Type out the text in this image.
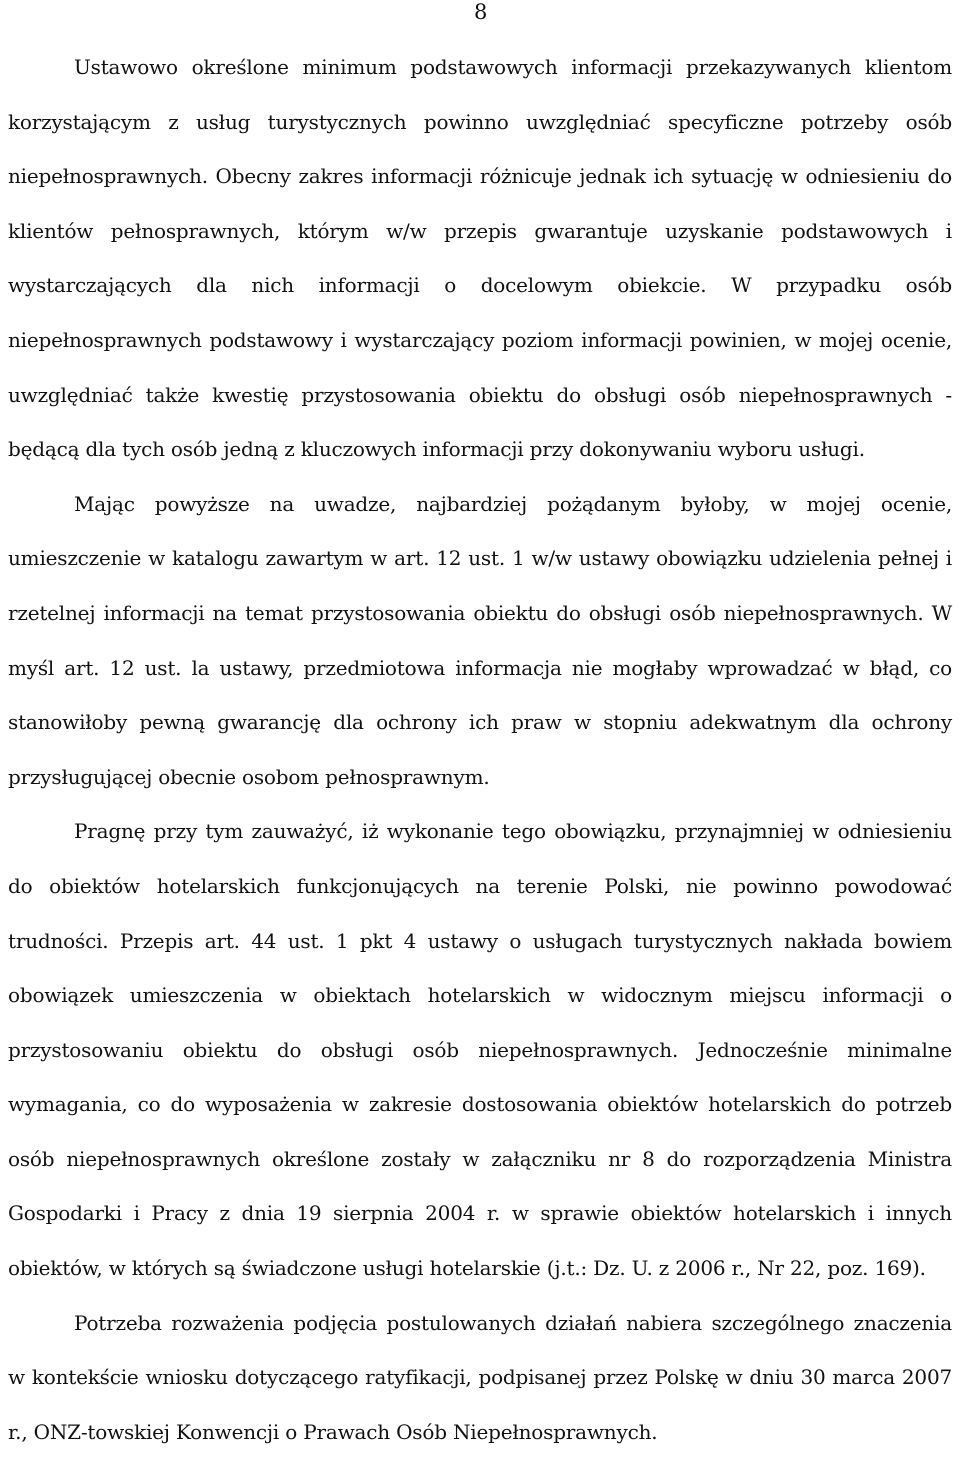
8

Ustawowo określone minimum podstawowych informacji przekazywanych klientom korzystającym z usług turystycznych powinno uwzględniać specyficzne potrzeby osób niepełnosprawnych. Obecny zakres informacji różnicuje jednak ich sytuację w odniesieniu do klientów pełnosprawnych, którym w/w przepis gwarantuje uzyskanie podstawowych i wystarczających dla nich informacji o docelowym obiekcie. W przypadku osób niepełnosprawnych podstawowy i wystarczający poziom informacji powinien, w mojej ocenie, uwzględniać także kwestię przystosowania obiektu do obsługi osób niepełnosprawnych - będącą dla tych osób jedną z kluczowych informacji przy dokonywaniu wyboru usługi.

Mając powyższe na uwadze, najbardziej pożądanym byłoby, w mojej ocenie, umieszczenie w katalogu zawartym w art. 12 ust. 1 w/w ustawy obowiązku udzielenia pełnej i rzetelnej informacji na temat przystosowania obiektu do obsługi osób niepełnosprawnych. W myśl art. 12 ust. la ustawy, przedmiotowa informacja nie mogłaby wprowadzać w błąd, co stanowiłoby pewną gwarancję dla ochrony ich praw w stopniu adekwatnym dla ochrony przysługującej obecnie osobom pełnosprawnym.

Pragnę przy tym zauważyć, iż wykonanie tego obowiązku, przynajmniej w odniesieniu do obiektów hotelarskich funkcjonujących na terenie Polski, nie powinno powodować trudności. Przepis art. 44 ust. 1 pkt 4 ustawy o usługach turystycznych nakłada bowiem obowiązek umieszczenia w obiektach hotelarskich w widocznym miejscu informacji o przystosowaniu obiektu do obsługi osób niepełnosprawnych. Jednocześnie minimalne wymagania, co do wyposażenia w zakresie dostosowania obiektów hotelarskich do potrzeb osób niepełnosprawnych określone zostały w załączniku nr 8 do rozporządzenia Ministra Gospodarki i Pracy z dnia 19 sierpnia 2004 r. w sprawie obiektów hotelarskich i innych obiektów, w których są świadczone usługi hotelarskie (j.t.: Dz. U. z 2006 r., Nr 22, poz. 169).

Potrzeba rozważenia podjęcia postulowanych działań nabiera szczególnego znaczenia w kontekście wniosku dotyczącego ratyfikacji, podpisanej przez Polskę w dniu 30 marca 2007 r., ONZ-towskiej Konwencji o Prawach Osób Niepełnosprawnych.
